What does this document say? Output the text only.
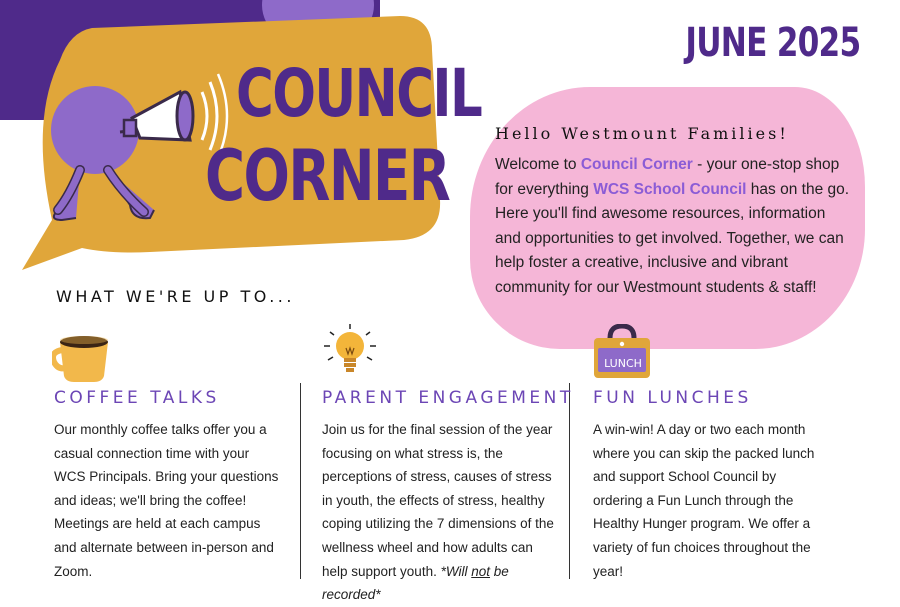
COUNCIL
CORNER
JUNE 2025
Hello Westmount Families!
Welcome to Council Corner - your one-stop shop for everything WCS School Council has on the go. Here you'll find awesome resources, information and opportunities to get involved. Together, we can help foster a creative, inclusive and vibrant community for our Westmount students & staff!
WHAT WE'RE UP TO...
LUNCH
COFFEE TALKS
Our monthly coffee talks offer you a casual connection time with your WCS Principals. Bring your questions and ideas; we'll bring the coffee! Meetings are held at each campus and alternate between in-person and Zoom.
PARENT ENGAGEMENT
Join us for the final session of the year focusing on what stress is, the perceptions of stress, causes of stress in youth, the effects of stress, healthy coping utilizing the 7 dimensions of the wellness wheel and how adults can help support youth. *Will not be recorded*
FUN LUNCHES
A win-win! A day or two each month where you can skip the packed lunch and support School Council by ordering a Fun Lunch through the Healthy Hunger program. We offer a variety of fun choices throughout the year!
